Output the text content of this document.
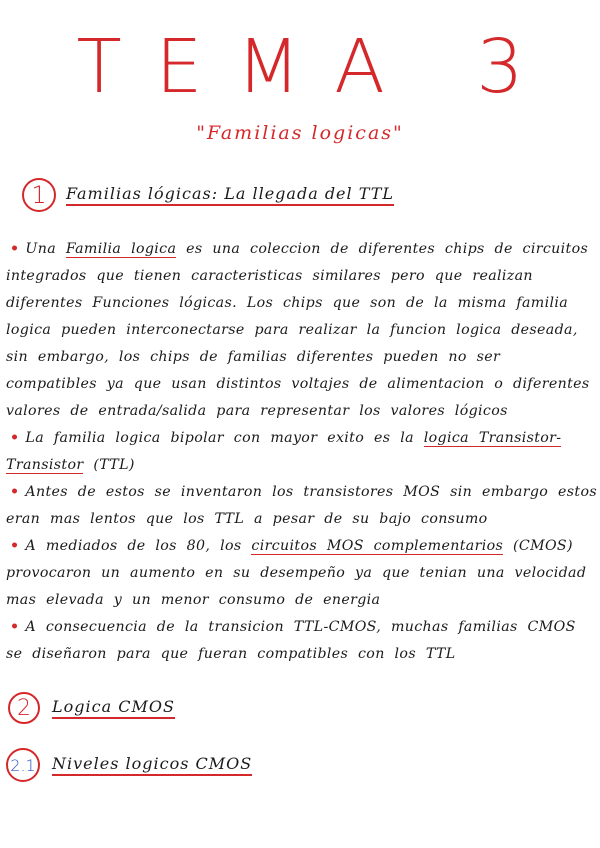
TEMA 3
"Familias logicas"
1	Familias lógicas: La llegada del TTL

• Una Familia logica es una coleccion de diferentes chips de circuitos integrados que tienen caracteristicas similares pero que realizan diferentes Funciones lógicas. Los chips que son de la misma familia logica pueden interconectarse para realizar la funcion logica deseada, sin embargo, los chips de familias diferentes pueden no ser compatibles ya que usan distintos voltajes de alimentacion o diferentes valores de entrada/salida para representar los valores lógicos

• La familia logica bipolar con mayor exito es la logica Transistor-Transistor (TTL)

• Antes de estos se inventaron los transistores MOS sin embargo estos eran mas lentos que los TTL a pesar de su bajo consumo

• A mediados de los 80, los circuitos MOS complementarios (CMOS) provocaron un aumento en su desempeño ya que tenian una velocidad mas elevada y un menor consumo de energia

• A consecuencia de la transicion TTL-CMOS, muchas familias CMOS se diseñaron para que fueran compatibles con los TTL

2	Logica CMOS
2.1 Niveles logicos CMOS
